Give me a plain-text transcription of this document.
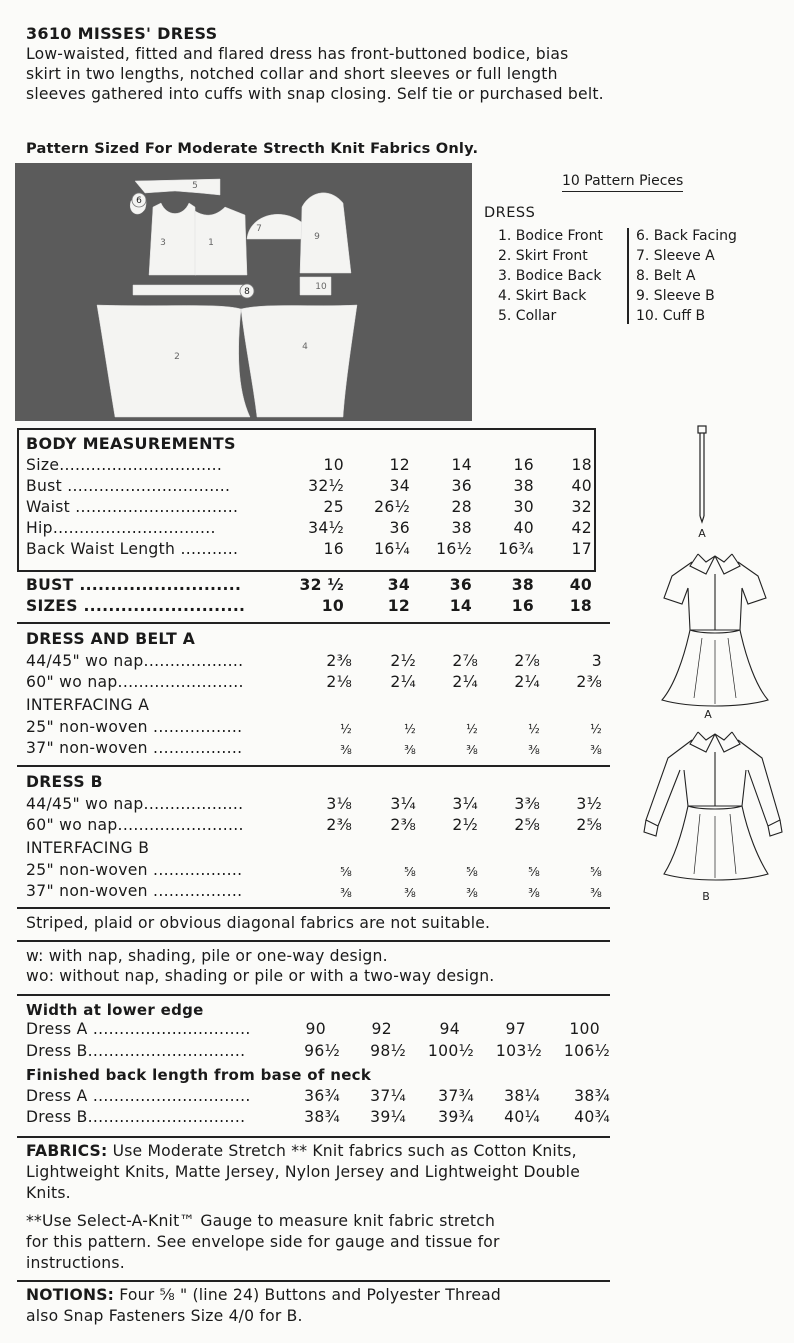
3610 MISSES' DRESS
Low-waisted, fitted and flared dress has front-buttoned bodice, bias skirt in two lengths, notched collar and short sleeves or full length sleeves gathered into cuffs with snap closing. Self tie or purchased belt.
Pattern Sized For Moderate Strecth Knit Fabrics Only.
5
6
3	1
7
9
8	10
2
4
10 Pattern Pieces
DRESS
1. Bodice Front
2. Skirt Front
3. Bodice Back
4. Skirt Back
5. Collar
6. Back Facing
7. Sleeve A
8. Belt A
9. Sleeve B
10. Cuff B
BODY MEASUREMENTS
Size...............................	10	12	14	16	18
Bust ...............................	32½	34	36	38	40
Waist ...............................	25	26½	28	30	32
Hip...............................	34½	36	38	40	42
Back Waist Length ...........	16	16¼	16½	16¾	17
BUST ..........................	32 ½	34	36	38	40
SIZES ..........................	10	12	14	16	18
DRESS AND BELT A
44/45" wo nap...................	2⅜	2½	2⅞	2⅞	3
60" wo nap........................	2⅛	2¼	2¼	2¼	2⅜
INTERFACING A
25" non-woven .................	½	½	½	½	½
37" non-woven .................	⅜	⅜	⅜	⅜	⅜
DRESS B
44/45" wo nap...................	3⅛	3¼	3¼	3⅜	3½
60" wo nap........................	2⅜	2⅜	2½	2⅝	2⅝
INTERFACING B
25" non-woven .................	⅝	⅝	⅝	⅝	⅝
37" non-woven .................	⅜	⅜	⅜	⅜	⅜
Striped, plaid or obvious diagonal fabrics are not suitable.
w: with nap, shading, pile or one-way design.
wo: without nap, shading or pile or with a two-way design.
Width at lower edge
Dress A ..............................	90	92	94	97	100
Dress B..............................	96½	98½	100½	103½	106½
Finished back length from base of neck
Dress A ..............................	36¾	37¼	37¾	38¼	38¾
Dress B..............................	38¾	39¼	39¾	40¼	40¾
FABRICS: Use Moderate Stretch ** Knit fabrics such as Cotton Knits, Lightweight Knits, Matte Jersey, Nylon Jersey and Lightweight Double Knits.
**Use Select-A-Knit™ Gauge to measure knit fabric stretch
for this pattern. See envelope side for gauge and tissue for
instructions.
NOTIONS: Four ⅝ " (line 24) Buttons and Polyester Thread
also Snap Fasteners Size 4/0 for B.
A
A
B
